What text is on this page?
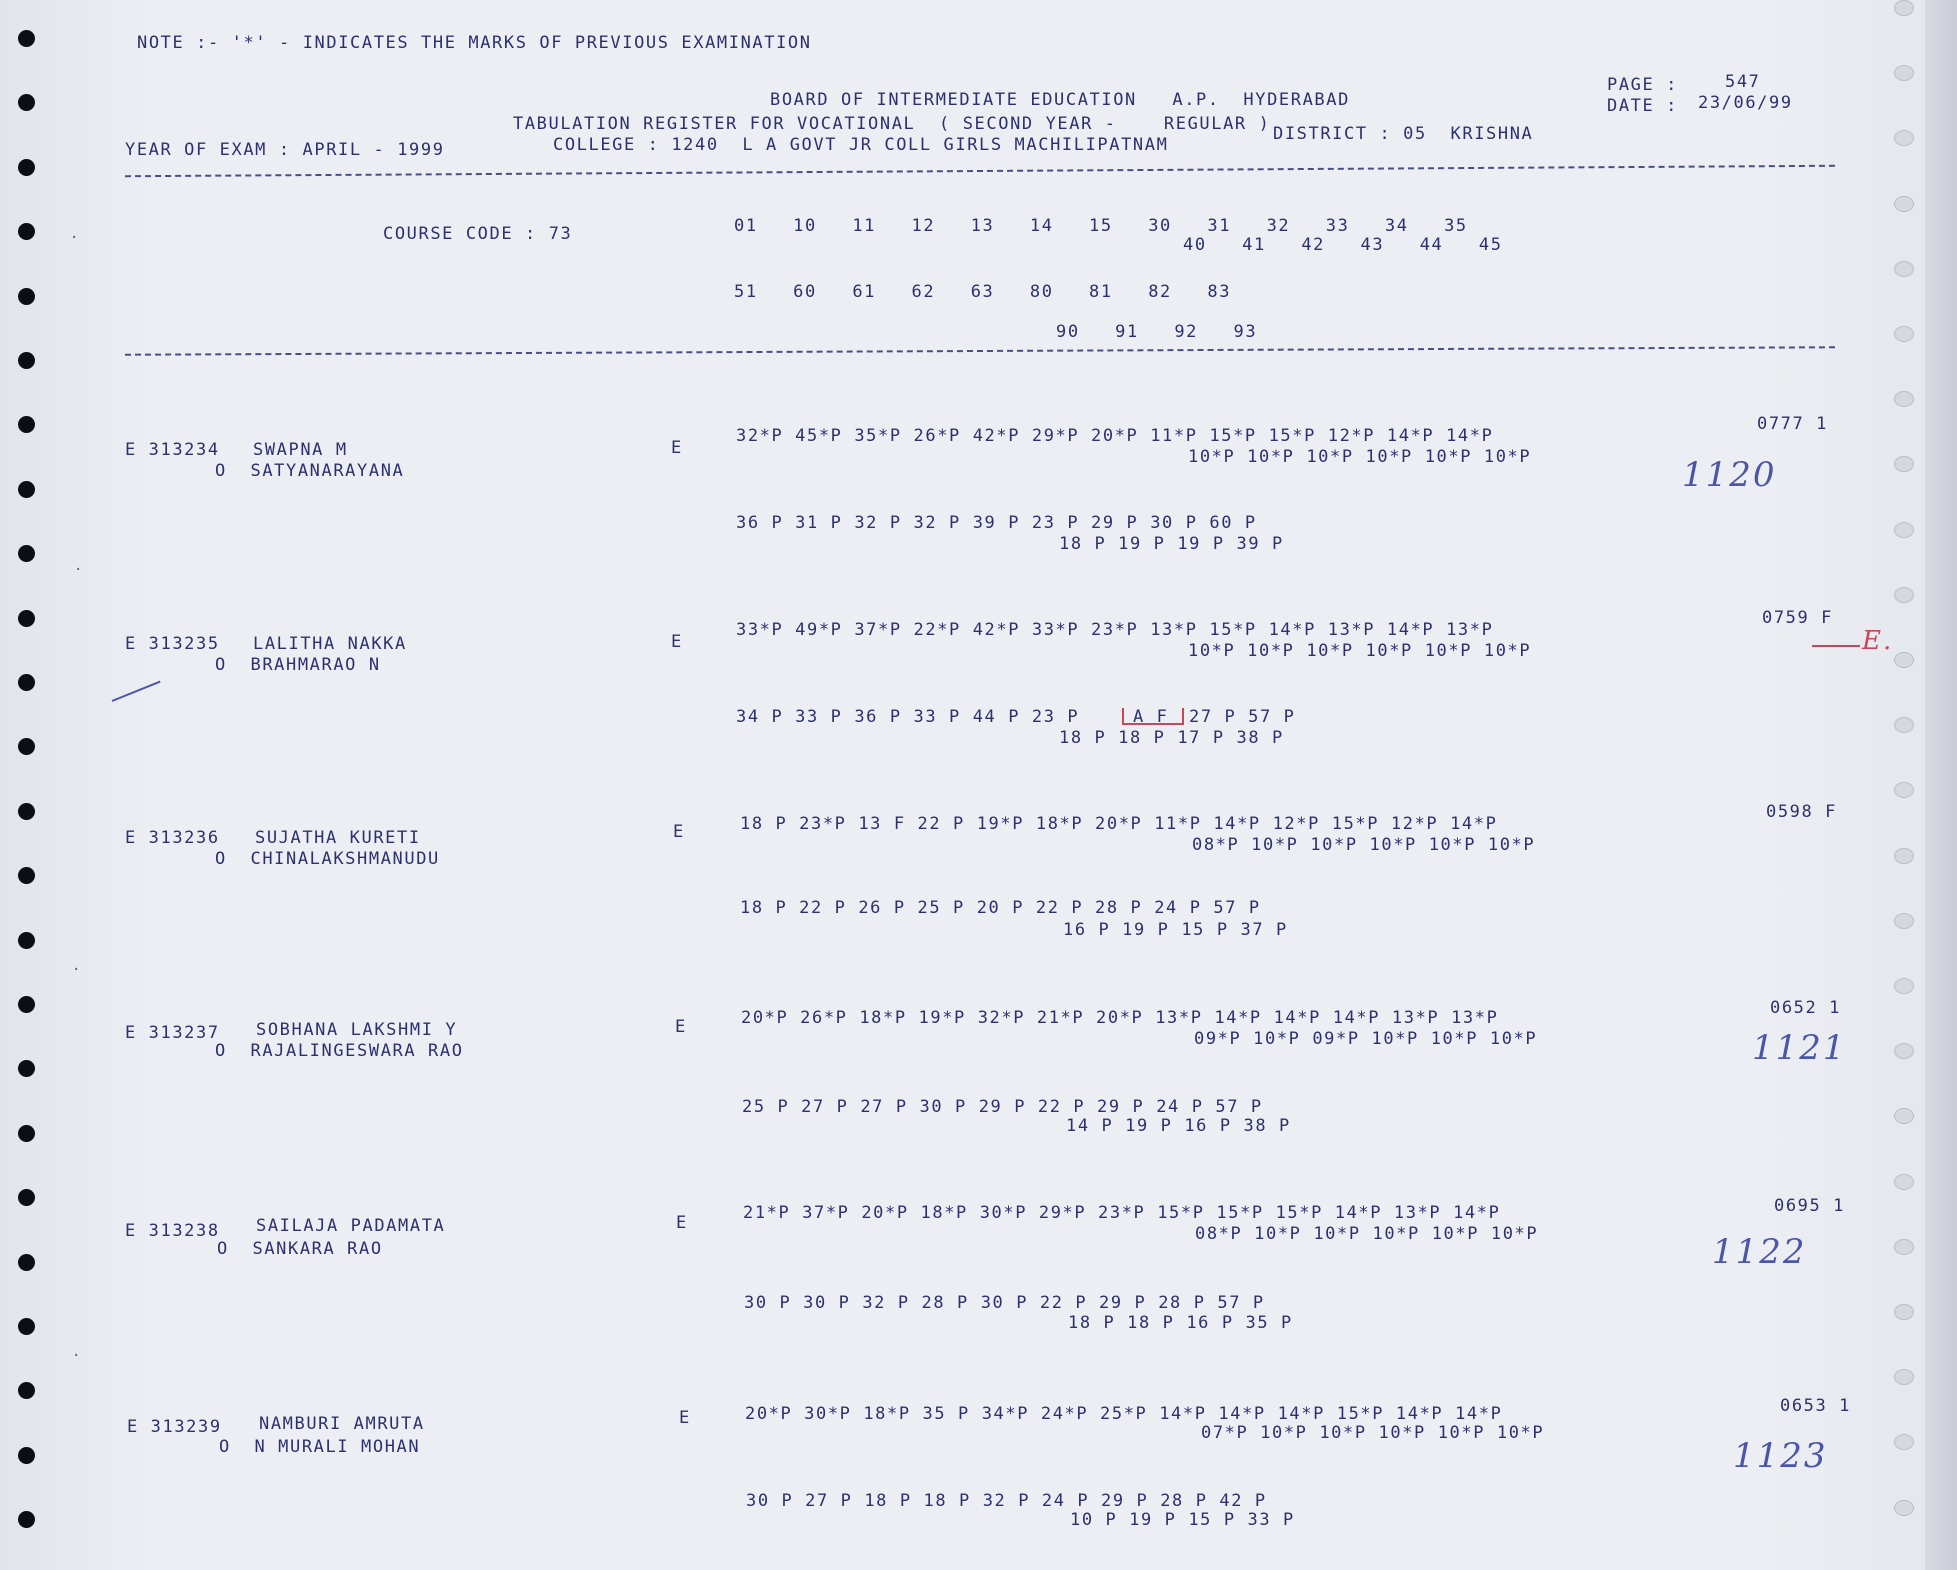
NOTE :- '*' - INDICATES THE MARKS OF PREVIOUS EXAMINATION
BOARD OF INTERMEDIATE EDUCATION   A.P.  HYDERABAD
TABULATION REGISTER FOR VOCATIONAL  ( SECOND YEAR -    REGULAR )
YEAR OF EXAM : APRIL - 1999	COLLEGE : 1240  L A GOVT JR COLL GIRLS MACHILIPATNAM
DISTRICT : 05  KRISHNA
PAGE :	547
DATE : 23/06/99
COURSE CODE : 73	01   10   11   12   13   14   15   30   31   32   33   34   35
40   41   42   43   44   45
51   60   61   62   63   80   81   82   83
90   91   92   93
E 313234 SWAPNA M
O  SATYANARAYANA
E
32*P 45*P 35*P 26*P 42*P 29*P 20*P 11*P 15*P 15*P 12*P 14*P 14*P
10*P 10*P 10*P 10*P 10*P 10*P
36 P 31 P 32 P 32 P 39 P 23 P 29 P 30 P 60 P
18 P 19 P 19 P 39 P
0777 1
1120
E 313235 LALITHA NAKKA
O  BRAHMARAO N
E
33*P 49*P 37*P 22*P 42*P 33*P 23*P 13*P 15*P 14*P 13*P 14*P 13*P
10*P 10*P 10*P 10*P 10*P 10*P
34 P 33 P 36 P 33 P 44 P 23 P	A F 27 P 57 P
18 P 18 P 17 P 38 P
0759 F
E.
E 313236 SUJATHA KURETI
O  CHINALAKSHMANUDU
E	18 P 23*P 13 F 22 P 19*P 18*P 20*P 11*P 14*P 12*P 15*P 12*P 14*P
08*P 10*P 10*P 10*P 10*P 10*P
18 P 22 P 26 P 25 P 20 P 22 P 28 P 24 P 57 P
16 P 19 P 15 P 37 P
0598 F
E 313237 SOBHANA LAKSHMI Y
O  RAJALINGESWARA RAO
E	20*P 26*P 18*P 19*P 32*P 21*P 20*P 13*P 14*P 14*P 14*P 13*P 13*P
09*P 10*P 09*P 10*P 10*P 10*P
25 P 27 P 27 P 30 P 29 P 22 P 29 P 24 P 57 P
14 P 19 P 16 P 38 P
0652 1
1121
E 313238 SAILAJA PADAMATA
O  SANKARA RAO
E	21*P 37*P 20*P 18*P 30*P 29*P 23*P 15*P 15*P 15*P 14*P 13*P 14*P
08*P 10*P 10*P 10*P 10*P 10*P
30 P 30 P 32 P 28 P 30 P 22 P 29 P 28 P 57 P
18 P 18 P 16 P 35 P
0695 1
1122
E 313239 NAMBURI AMRUTA
O  N MURALI MOHAN
E	20*P 30*P 18*P 35 P 34*P 24*P 25*P 14*P 14*P 14*P 15*P 14*P 14*P
07*P 10*P 10*P 10*P 10*P 10*P
30 P 27 P 18 P 18 P 32 P 24 P 29 P 28 P 42 P
10 P 19 P 15 P 33 P
0653 1
1123
·
·
·
·
